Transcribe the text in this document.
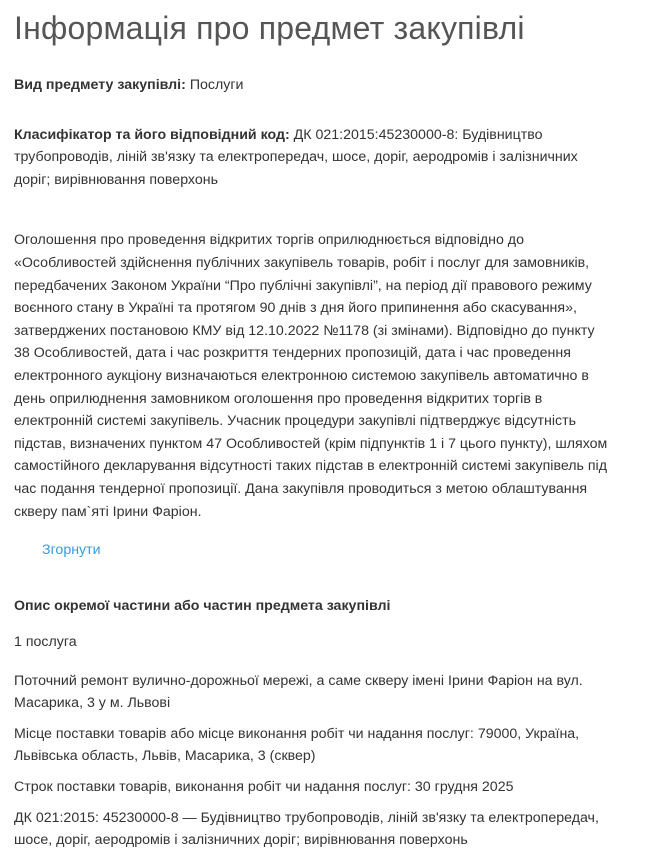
Інформація про предмет закупівлі

Вид предмету закупівлі: Послуги

Класифікатор та його відповідний код: ДК 021:2015:45230000-8: Будівництво трубопроводів, ліній зв'язку та електропередач, шосе, доріг, аеродромів і залізничних доріг; вирівнювання поверхонь

Оголошення про проведення відкритих торгів оприлюднюється відповідно до «Особливостей здійснення публічних закупівель товарів, робіт і послуг для замовників, передбачених Законом України “Про публічні закупівлі”, на період дії правового режиму воєнного стану в Україні та протягом 90 днів з дня його припинення або скасування», затверджених постановою КМУ від 12.10.2022 №1178 (зі змінами). Відповідно до пункту 38 Особливостей, дата і час розкриття тендерних пропозицій, дата і час проведення електронного аукціону визначаються електронною системою закупівель автоматично в день оприлюднення замовником оголошення про проведення відкритих торгів в електронній системі закупівель. Учасник процедури закупівлі підтверджує відсутність підстав, визначених пунктом 47 Особливостей (крім підпунктів 1 і 7 цього пункту), шляхом самостійного декларування відсутності таких підстав в електронній системі закупівель під час подання тендерної пропозиції. Дана закупівля проводиться з метою облаштування скверу пам`яті Ірини Фаріон.

Згорнути
Опис окремої частини або частин предмета закупівлі

1 послуга

Поточний ремонт вулично-дорожньої мережі, а саме скверу імені Ірини Фаріон на вул. Масарика, 3 у м. Львові

Місце поставки товарів або місце виконання робіт чи надання послуг: 79000, Україна, Львівська область, Львів, Масарика, 3 (сквер)

Строк поставки товарів, виконання робіт чи надання послуг: 30 грудня 2025

ДК 021:2015: 45230000-8 — Будівництво трубопроводів, ліній зв'язку та електропередач, шосе, доріг, аеродромів і залізничних доріг; вирівнювання поверхонь
